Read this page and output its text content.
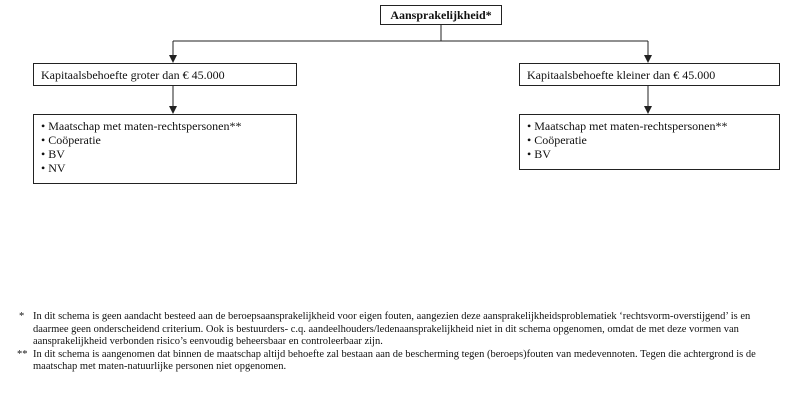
Aansprakelijkheid*
Kapitaalsbehoefte groter dan € 45.000	Kapitaalsbehoefte kleiner dan € 45.000
• Maatschap met maten-rechtspersonen**
• Coöperatie
• BV
• NV
• Maatschap met maten-rechtspersonen**
• Coöperatie
• BV

* In dit schema is geen aandacht besteed aan de beroepsaansprakelijkheid voor eigen fouten, aangezien deze aansprakelijkheidsproblematiek ‘rechtsvorm-overstijgend’ is en daarmee geen onderscheidend criterium. Ook is bestuurders- c.q. aandeelhouders/ledenaansprakelijkheid niet in dit schema opgenomen, omdat de met deze vormen van aansprakelijkheid verbonden risico’s eenvoudig beheersbaar en controleerbaar zijn.

** In dit schema is aangenomen dat binnen de maatschap altijd behoefte zal bestaan aan de bescherming tegen (beroeps)fouten van medevennoten. Tegen die achtergrond is de maatschap met maten-natuurlijke personen niet opgenomen.
